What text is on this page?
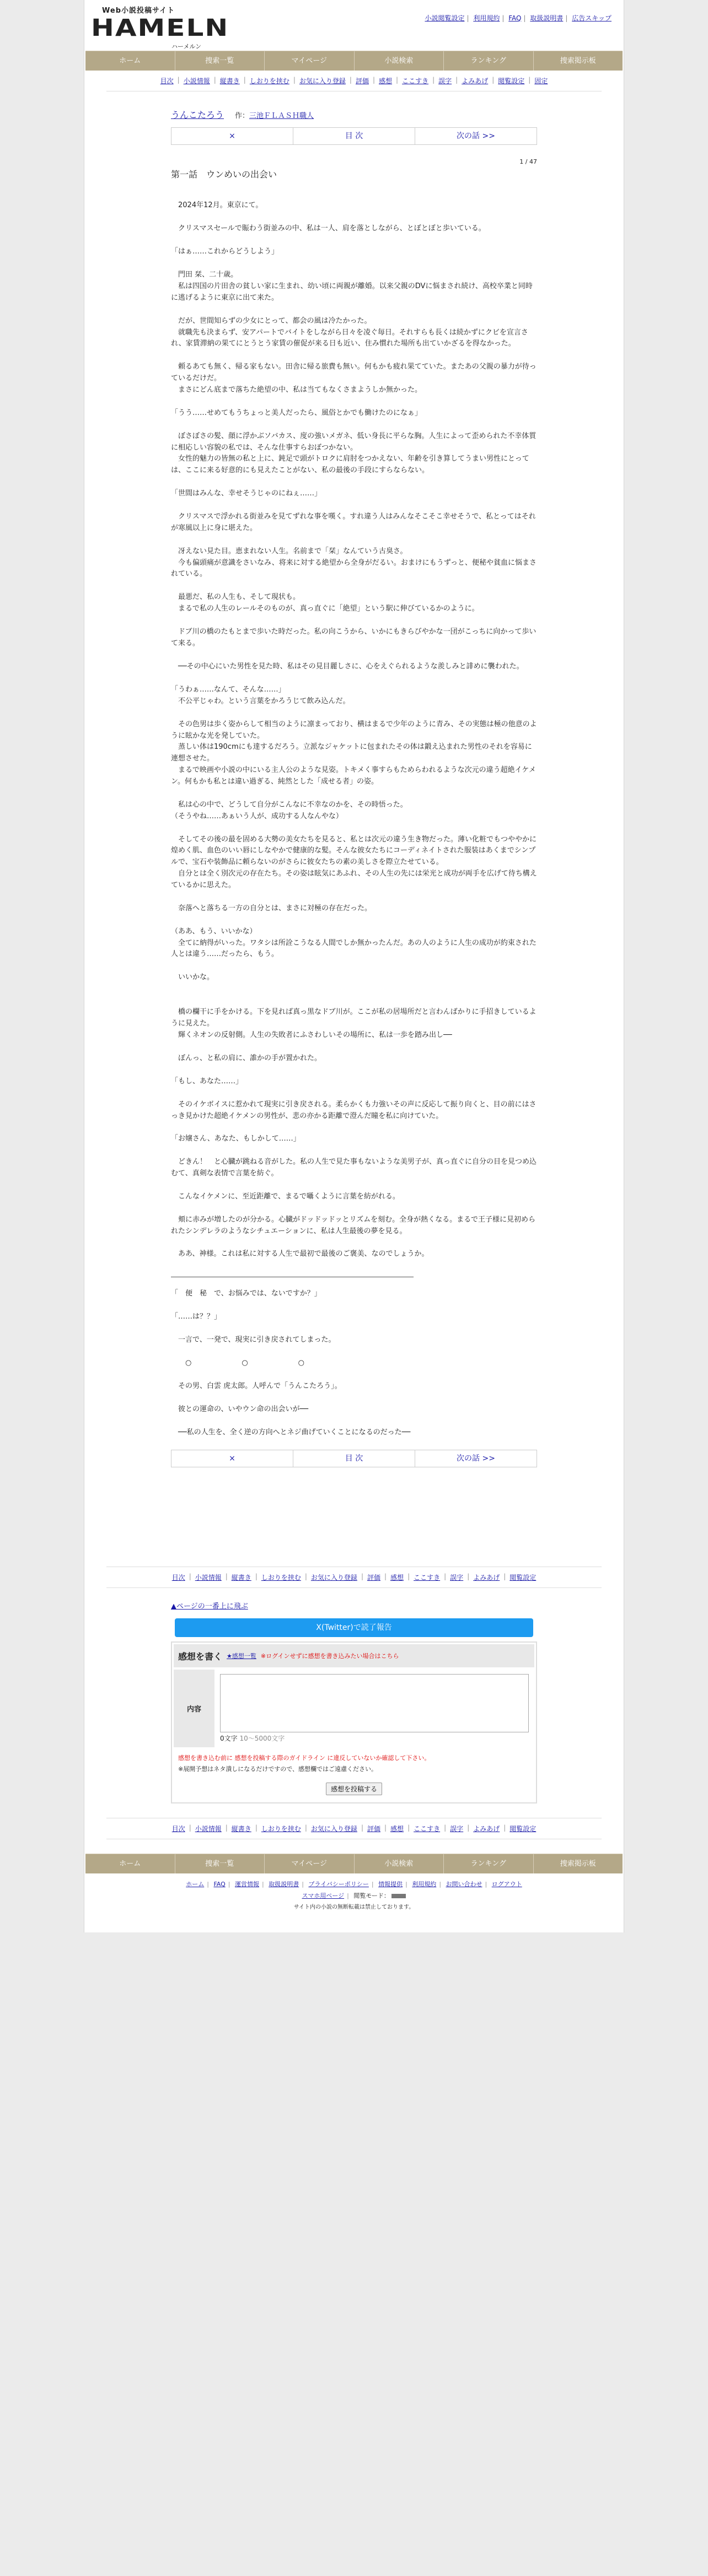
Web小説投稿サイト
HAMELN
ハーメルン
小説閲覧設定 | 利用規約 | FAQ | 取扱説明書 | 広告スキップ
ホーム	捜索一覧	マイページ	小説検索	ランキング	捜索掲示板
目次 | 小説情報 | 縦書き | しおりを挟む | お気に入り登録 | 評価 | 感想 | ここすき | 誤字 | よみあげ | 閲覧設定 | 固定
うんこたろう 作：三池ＦＬＡＳＨ職人
×	目 次	次の話 >>
1 / 47
第一話　ウンめいの出会い

　2024年12月。東京にて。

　クリスマスセールで賑わう街並みの中、私は一人、肩を落としながら、とぼとぼと歩いている。

「はぁ……これからどうしよう」

　門田 栞、二十歳。

　私は四国の片田舎の貧しい家に生まれ、幼い頃に両親が離婚。以来父親のDVに悩まされ続け、高校卒業と同時に逃げるように東京に出て来た。

　だが、世間知らずの少女にとって、都会の風は冷たかった。

　就職先も決まらず、安アパートでバイトをしながら日々を凌ぐ毎日。それすらも長くは続かずにクビを宣言され、家賃滞納の果てにとうとう家賃の催促が来る日も近い、住み慣れた場所も出ていかざるを得なかった。

　頼るあても無く、帰る家もない。田舎に帰る旅費も無い。何もかも疲れ果てていた。またあの父親の暴力が待っているだけだ。

　まさにどん底まで落ちた絶望の中、私は当てもなくさまようしか無かった。

「うう……せめてもうちょっと美人だったら、風俗とかでも働けたのになぁ」

　ぼさぼさの髪、顔に浮かぶソバカス、度の強いメガネ、低い身長に平らな胸。人生によって歪められた不幸体質に相応しい容貌の私では、そんな仕事すらおぼつかない。

　女性的魅力の皆無の私と上に、鈍足で頭がトロクに肩肘をつかえない、年齢を引き算してうまい男性にとっては、ここに来る好意的にも見えたことがない、私の最後の手段にすらならない。

「世間はみんな、幸せそうじゃのにねぇ……」

　クリスマスで浮かれる街並みを見てずれな事を嘆く。すれ違う人はみんなそこそこ幸せそうで、私とってはそれが寒風以上に身に堪えた。

　冴えない見た目。恵まれない人生。名前まで「栞」なんていう古臭さ。

　今も偏頭痛が意識をさいなみ、将来に対する絶望から全身がだるい。おまけにもうずっと、便秘や貧血に悩まされている。

　最悪だ、私の人生も、そして現状も。

　まるで私の人生のレールそのものが、真っ直ぐに「絶望」という駅に伸びているかのように。

　ドブ川の橋のたもとまで歩いた時だった。私の向こうから、いかにもきらびやかな一団がこっちに向かって歩いて来る。

　──その中心にいた男性を見た時、私はその見目麗しさに、心をえぐられるような羨しみと誹めに襲われた。

「うわぁ……なんて、そんな……」

　不公平じゃわ。という言葉をかろうじて飲み込んだ。

　その色男は歩く姿からして相当のように凛まっており、横はまるで少年のように青み、その実態は極の他意のように眩かな光を発していた。

　蒸しい体は190cmにも達するだろう。立派なジャケットに包まれたその体は鍛え込まれた男性のそれを容易に連想させた。

　まるで映画や小説の中にいる主人公のような見姿。トキメく事すらもためらわれるような次元の違う超絶イケメン。何もかも私とは違い過ぎる、純然とした「成せる者」の姿。

　私は心の中で、どうして自分がこんなに不幸なのかを、その時悟った。

（そうやね……あぁいう人が、成功する人なんやな）

　そしてその後の最を固める大勢の美女たちを見ると、私とは次元の違う生き物だった。薄い化粧でもつややかに煌めく肌、血色のいい唇にしなやかで健康的な髪。そんな彼女たちにコーディネイトされた服装はあくまでシンプルで、宝石や装飾品に頼らないのがさらに彼女たちの素の美しさを際立たせている。

　自分とは全く別次元の存在たち。その姿は眩気にあふれ、その人生の先には栄光と成功が両手を広げて待ち構えているかに思えた。

　奈落へと落ちる一方の自分とは、まさに対極の存在だった。

（ああ、もう、いいかな）

　全てに納得がいった。ワタシは所詮こうなる人間でしか無かったんだ。あの人のように人生の成功が約束された人とは違う……だったら、もう。

　いいかな。

　橋の欄干に手をかける。下を見れば真っ黒なドブ川が。ここが私の居場所だと言わんばかりに手招きしているように見えた。

　輝くネオンの反射側。人生の失敗者にふさわしいその場所に、私は一歩を踏み出し──

　ぼんっ、と私の肩に、誰かの手が置かれた。

「もし、あなた……」

　そのイケボイスに惹かれて現実に引き戻される。柔らかくも力強いその声に反応して振り向くと、目の前にはさっき見かけた超絶イケメンの男性が、悲の亦かる距離で澄んだ瞳を私に向けていた。

「お嬢さん、あなた、もしかして……」

　どきん！　と心臓が跳ねる音がした。私の人生で見た事もないような美男子が、真っ直ぐに自分の目を見つめ込むて、真剣な表情で言葉を紡ぐ。

　こんなイケメンに、至近距離で、まるで囁くように言葉を紡がれる。

　頬に赤みが増したのが分かる。心臓がドッドッドッとリズムを刻む。全身が熱くなる。まるで王子様に見初められたシンデレラのようなシチュエーションに、私は人生最後の夢を見る。

　ああ、神様。これは私に対する人生で最初で最後のご褒美、なのでしょうか。

「　便　秘　で、お悩みでは、ないですか？」

「……は？？」

　一言で、一発で、現実に引き戻されてしまった。

　　○　　　　　　　○　　　　　　　○

　その男、白雲 虎太郎。人呼んで「うんこたろう」。

　彼との運命の、いやウン命の出会いが──

　──私の人生を、全く逆の方向へとネジ曲げていくことになるのだった──

×	目 次	次の話 >>
目次 | 小説情報 | 縦書き | しおりを挟む | お気に入り登録 | 評価 | 感想 | ここすき | 誤字 | よみあげ | 閲覧設定
▲ページの一番上に飛ぶ
X(Twitter)で読了報告
感想を書く ★感想一覧 ※ログインせずに感想を書き込みたい場合はこちら
内容
0文字 10～5000文字
感想を書き込む前に 感想を投稿する際のガイドライン に違反していないか確認して下さい。
※展開予想はネタ潰しになるだけですので、感想欄ではご遠慮ください。
感想を投稿する
目次 | 小説情報 | 縦書き | しおりを挟む | お気に入り登録 | 評価 | 感想 | ここすき | 誤字 | よみあげ | 閲覧設定
ホーム	捜索一覧	マイページ	小説検索	ランキング	捜索掲示板
ホーム | FAQ | 運営情報 | 取扱説明書 | プライバシーポリシー | 情報提供 | 利用規約 | お問い合わせ | ログアウト
スマホ用ページ | 閲覧モード：
サイト内の小説の無断転載は禁止しております。
